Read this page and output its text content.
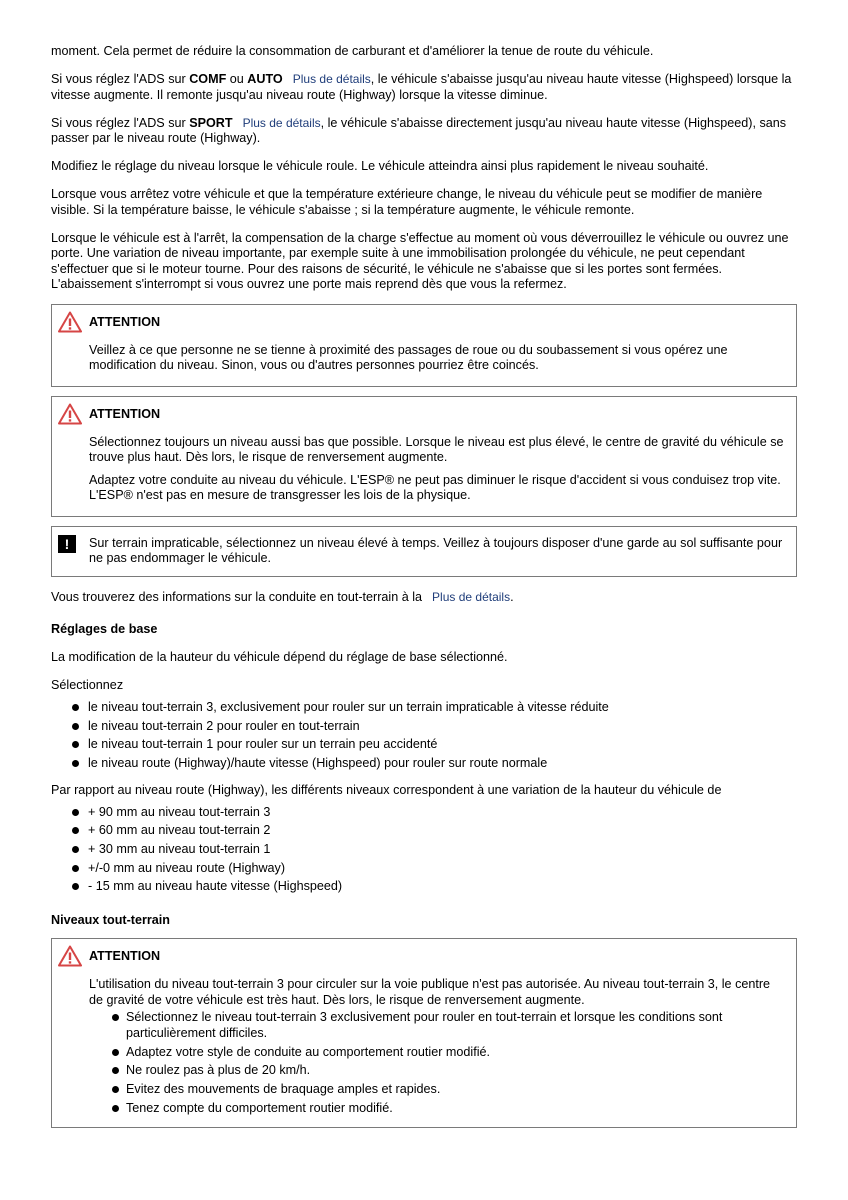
moment. Cela permet de réduire la consommation de carburant et d'améliorer la tenue de route du véhicule.

Si vous réglez l'ADS sur COMF ou AUTO Plus de détails, le véhicule s'abaisse jusqu'au niveau haute vitesse (Highspeed) lorsque la vitesse augmente. Il remonte jusqu'au niveau route (Highway) lorsque la vitesse diminue.

Si vous réglez l'ADS sur SPORT Plus de détails, le véhicule s'abaisse directement jusqu'au niveau haute vitesse (Highspeed), sans passer par le niveau route (Highway).

Modifiez le réglage du niveau lorsque le véhicule roule. Le véhicule atteindra ainsi plus rapidement le niveau souhaité.

Lorsque vous arrêtez votre véhicule et que la température extérieure change, le niveau du véhicule peut se modifier de manière visible. Si la température baisse, le véhicule s'abaisse ; si la température augmente, le véhicule remonte.

Lorsque le véhicule est à l'arrêt, la compensation de la charge s'effectue au moment où vous déverrouillez le véhicule ou ouvrez une porte. Une variation de niveau importante, par exemple suite à une immobilisation prolongée du véhicule, ne peut cependant s'effectuer que si le moteur tourne. Pour des raisons de sécurité, le véhicule ne s'abaisse que si les portes sont fermées. L'abaissement s'interrompt si vous ouvrez une porte mais reprend dès que vous la refermez.

ATTENTION

Veillez à ce que personne ne se tienne à proximité des passages de roue ou du soubassement si vous opérez une modification du niveau. Sinon, vous ou d'autres personnes pourriez être coincés.

ATTENTION

Sélectionnez toujours un niveau aussi bas que possible. Lorsque le niveau est plus élevé, le centre de gravité du véhicule se trouve plus haut. Dès lors, le risque de renversement augmente.

Adaptez votre conduite au niveau du véhicule. L'ESP® ne peut pas diminuer le risque d'accident si vous conduisez trop vite. L'ESP® n'est pas en mesure de transgresser les lois de la physique.

!	Sur terrain impraticable, sélectionnez un niveau élevé à temps. Veillez à toujours disposer d'une garde au sol suffisante pour ne pas endommager le véhicule.

Vous trouverez des informations sur la conduite en tout-terrain à la Plus de détails.

Réglages de base

La modification de la hauteur du véhicule dépend du réglage de base sélectionné.

Sélectionnez

le niveau tout-terrain 3, exclusivement pour rouler sur un terrain impraticable à vitesse réduite
le niveau tout-terrain 2 pour rouler en tout-terrain
le niveau tout-terrain 1 pour rouler sur un terrain peu accidenté
le niveau route (Highway)/haute vitesse (Highspeed) pour rouler sur route normale

Par rapport au niveau route (Highway), les différents niveaux correspondent à une variation de la hauteur du véhicule de

+ 90 mm au niveau tout-terrain 3
+ 60 mm au niveau tout-terrain 2
+ 30 mm au niveau tout-terrain 1
+/-0 mm au niveau route (Highway)
- 15 mm au niveau haute vitesse (Highspeed)

Niveaux tout-terrain

ATTENTION

L'utilisation du niveau tout-terrain 3 pour circuler sur la voie publique n'est pas autorisée. Au niveau tout-terrain 3, le centre de gravité de votre véhicule est très haut. Dès lors, le risque de renversement augmente.

Sélectionnez le niveau tout-terrain 3 exclusivement pour rouler en tout-terrain et lorsque les conditions sont particulièrement difficiles.
Adaptez votre style de conduite au comportement routier modifié.
Ne roulez pas à plus de 20 km/h.
Evitez des mouvements de braquage amples et rapides.
Tenez compte du comportement routier modifié.
